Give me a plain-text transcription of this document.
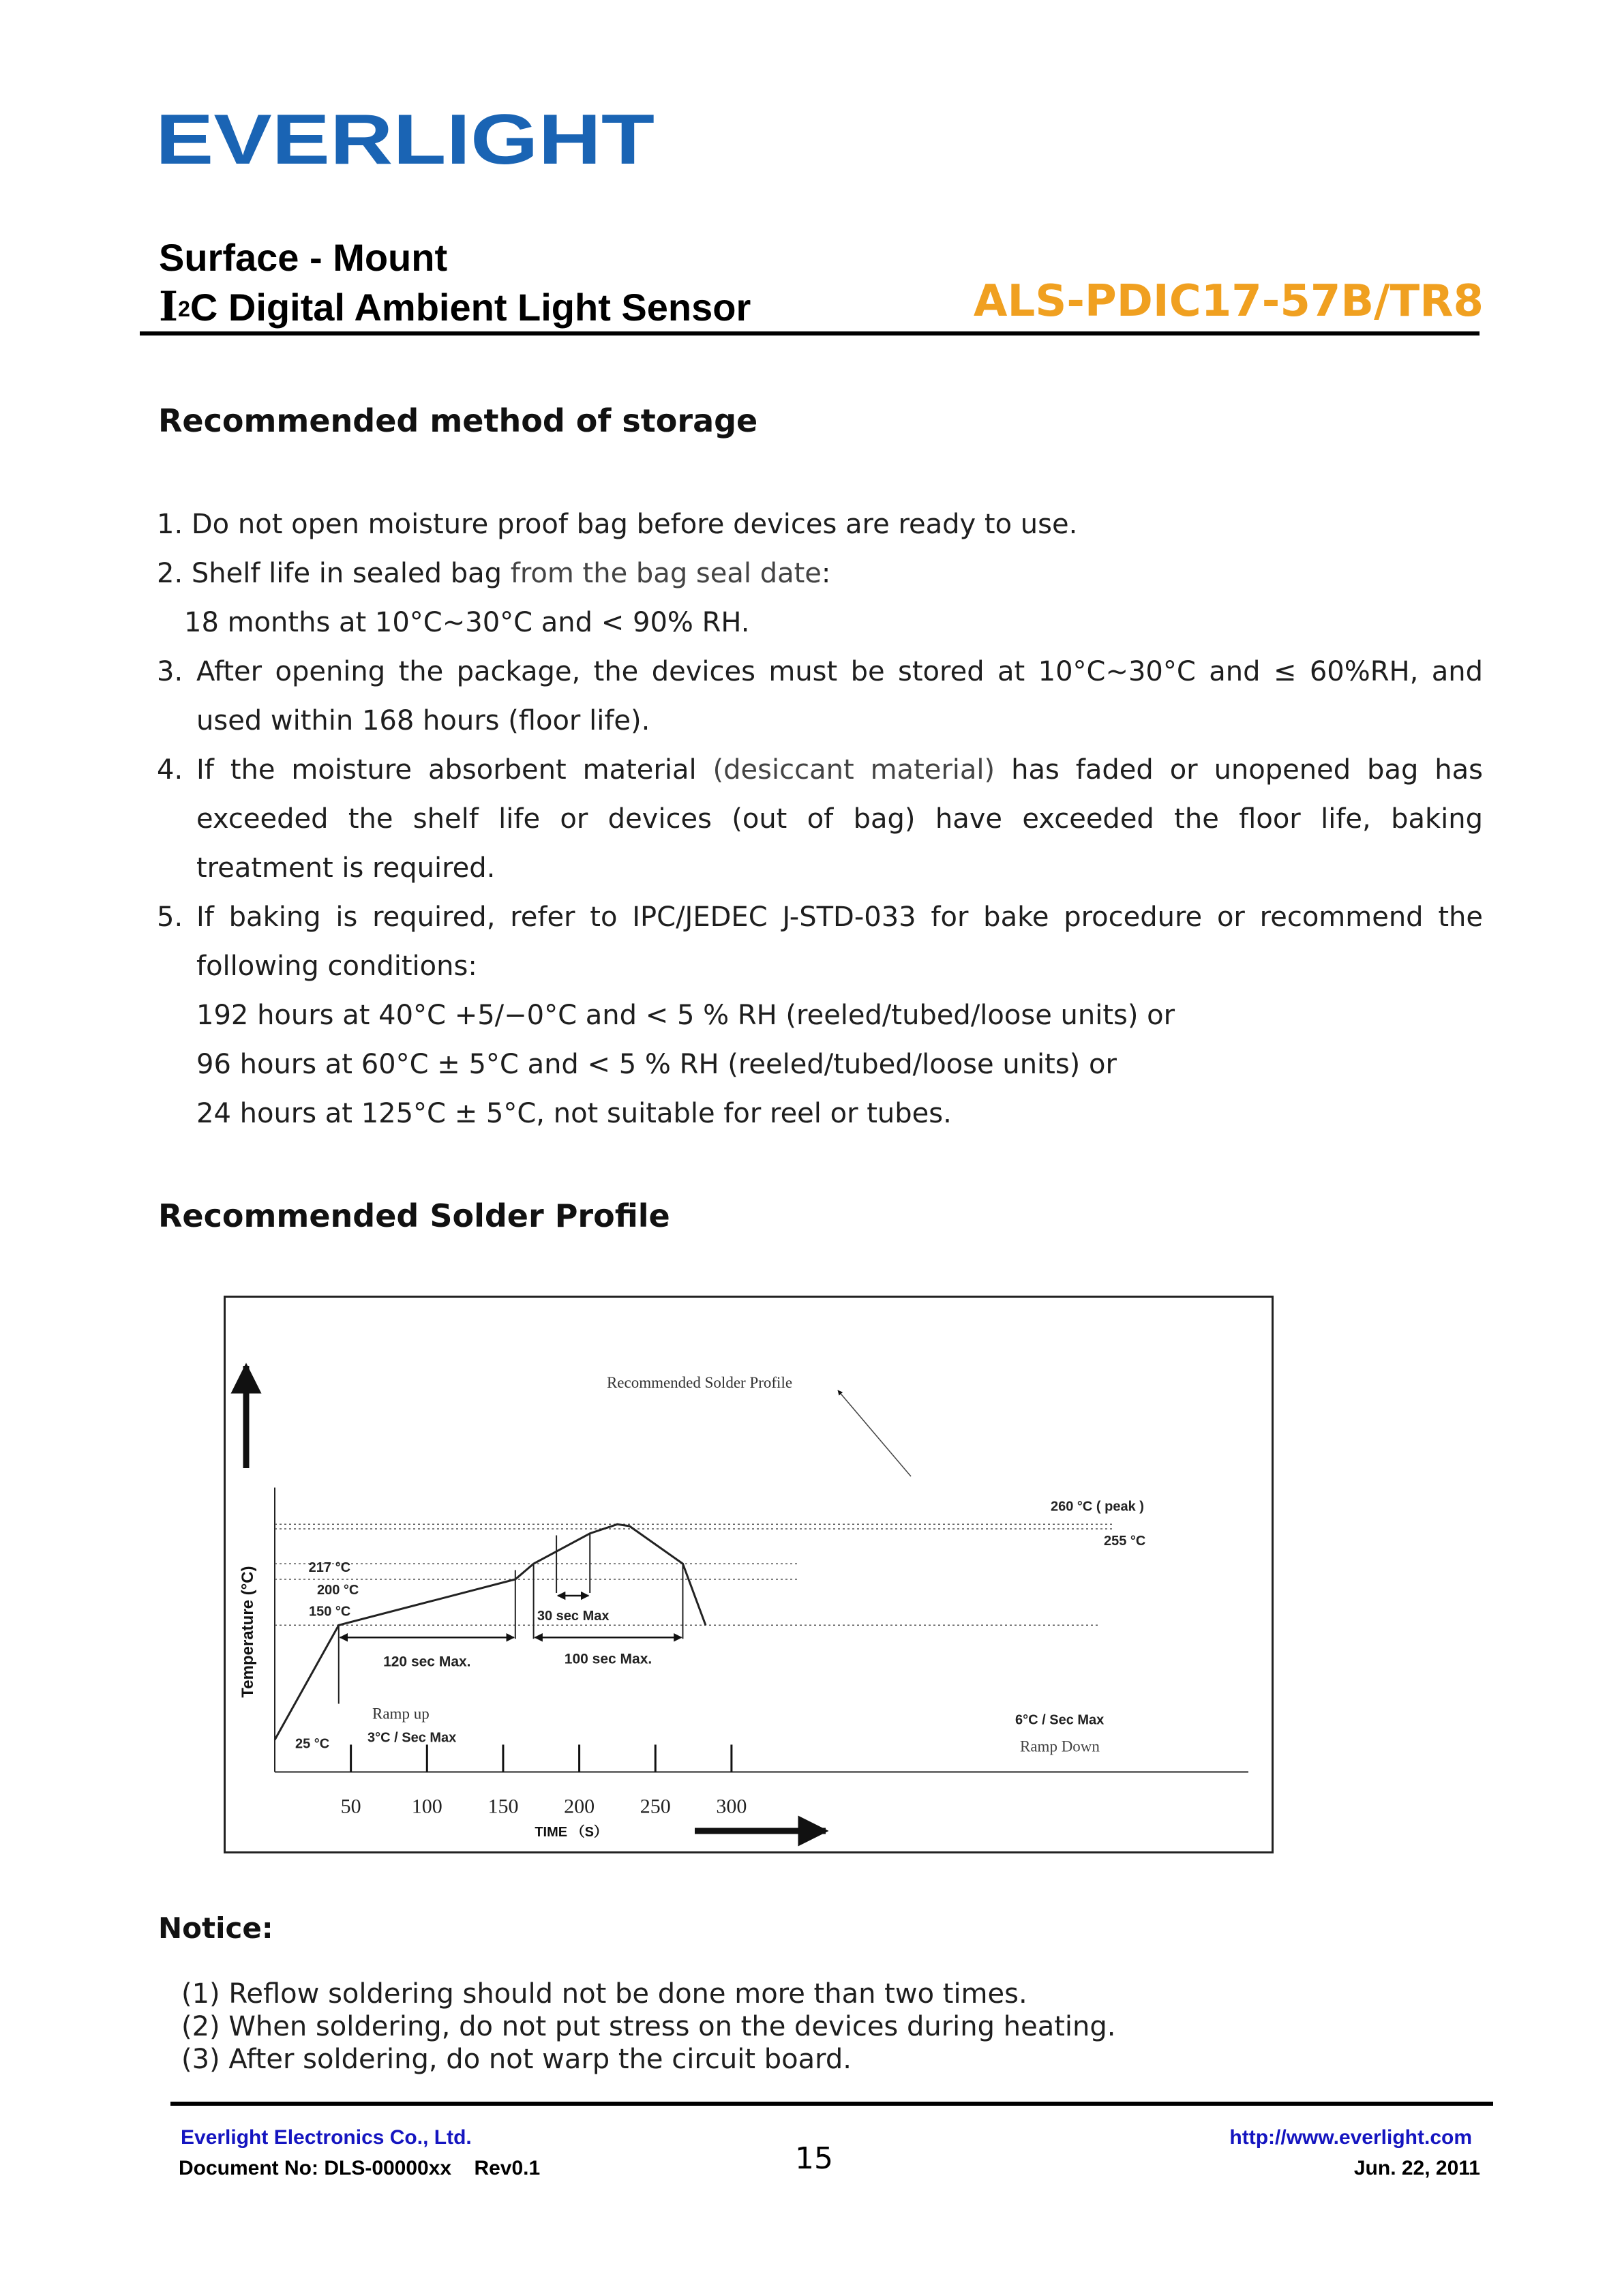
EVERLIGHT
Surface - Mount
$I^2C$ Digital Ambient Light Sensor	ALS-PDIC17-57B/TR8
Recommended method of storage

1. Do not open moisture proof bag before devices are ready to use.

2. Shelf life in sealed bag from the bag seal date:

18 months at 10°C~30°C and < 90% RH.

3. After opening the package, the devices must be stored at 10°C~30°C and ≤ 60%RH, and

used within 168 hours (floor life).

4. If the moisture absorbent material (desiccant material) has faded or unopened bag has

exceeded the shelf life or devices (out of bag) have exceeded the floor life, baking

treatment is required.

5. If baking is required, refer to IPC/JEDEC J-STD-033 for bake procedure or recommend the

following conditions:

192 hours at 40°C +5/−0°C and < 5 % RH (reeled/tubed/loose units) or

96 hours at 60°C ± 5°C and < 5 % RH (reeled/tubed/loose units) or

24 hours at 125°C ± 5°C, not suitable for reel or tubes.

Recommended Solder Profile
50 100 150 200 250 300
TIME （S）
Temperature (°C)
25 °C
150 °C
200 °C
217 °C
255 °C
260 °C ( peak )
120 sec Max.	100 sec Max.
30 sec Max
Ramp up
3°C / Sec Max
6°C / Sec Max
Ramp Down
Recommended Solder Profile
Notice:

(1) Reflow soldering should not be done more than two times.

(2) When soldering, do not put stress on the devices during heating.

(3) After soldering, do not warp the circuit board.

Everlight Electronics Co., Ltd.
Document No: DLS-00000xx    Rev0.1	15
http://www.everlight.com
Jun. 22, 2011
